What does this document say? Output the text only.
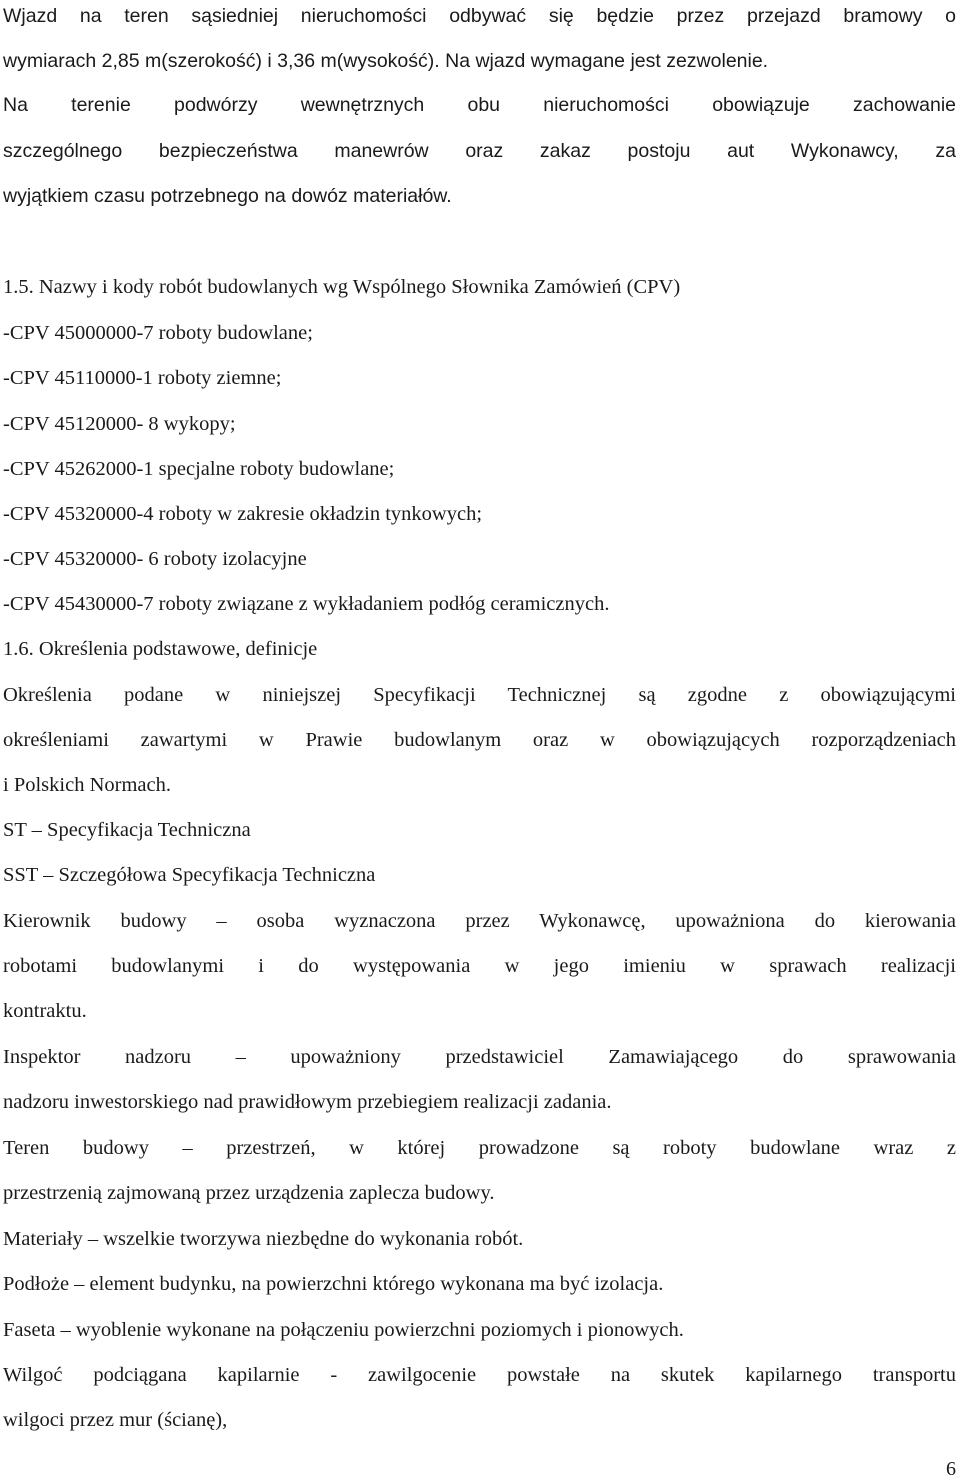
Wjazd na teren sąsiedniej nieruchomości odbywać się będzie przez przejazd bramowy o
wymiarach 2,85 m(szerokość) i 3,36 m(wysokość). Na wjazd wymagane jest zezwolenie.
Na terenie podwórzy wewnętrznych obu nieruchomości obowiązuje zachowanie
szczególnego bezpieczeństwa manewrów oraz zakaz postoju aut Wykonawcy, za
wyjątkiem czasu potrzebnego na dowóz materiałów.
1.5. Nazwy i kody robót budowlanych wg Wspólnego Słownika Zamówień (CPV)
-CPV 45000000-7 roboty budowlane;
-CPV 45110000-1 roboty ziemne;
-CPV 45120000- 8 wykopy;
-CPV 45262000-1 specjalne roboty budowlane;
-CPV 45320000-4 roboty w zakresie okładzin tynkowych;
-CPV 45320000- 6 roboty izolacyjne
-CPV 45430000-7 roboty związane z wykładaniem podłóg ceramicznych.
1.6. Określenia podstawowe, definicje
Określenia podane w niniejszej Specyfikacji Technicznej są zgodne z obowiązującymi
określeniami zawartymi w Prawie budowlanym oraz w obowiązujących rozporządzeniach
i Polskich Normach.
ST – Specyfikacja Techniczna
SST – Szczegółowa Specyfikacja Techniczna
Kierownik budowy – osoba wyznaczona przez Wykonawcę, upoważniona do kierowania
robotami budowlanymi i do występowania w jego imieniu w sprawach realizacji
kontraktu.
Inspektor nadzoru – upoważniony przedstawiciel Zamawiającego do sprawowania
nadzoru inwestorskiego nad prawidłowym przebiegiem realizacji zadania.
Teren budowy – przestrzeń, w której prowadzone są roboty budowlane wraz z
przestrzenią zajmowaną przez urządzenia zaplecza budowy.
Materiały – wszelkie tworzywa niezbędne do wykonania robót.
Podłoże – element budynku, na powierzchni którego wykonana ma być izolacja.
Faseta – wyoblenie wykonane na połączeniu powierzchni poziomych i pionowych.
Wilgoć podciągana kapilarnie - zawilgocenie powstałe na skutek kapilarnego transportu
wilgoci przez mur (ścianę),
6
